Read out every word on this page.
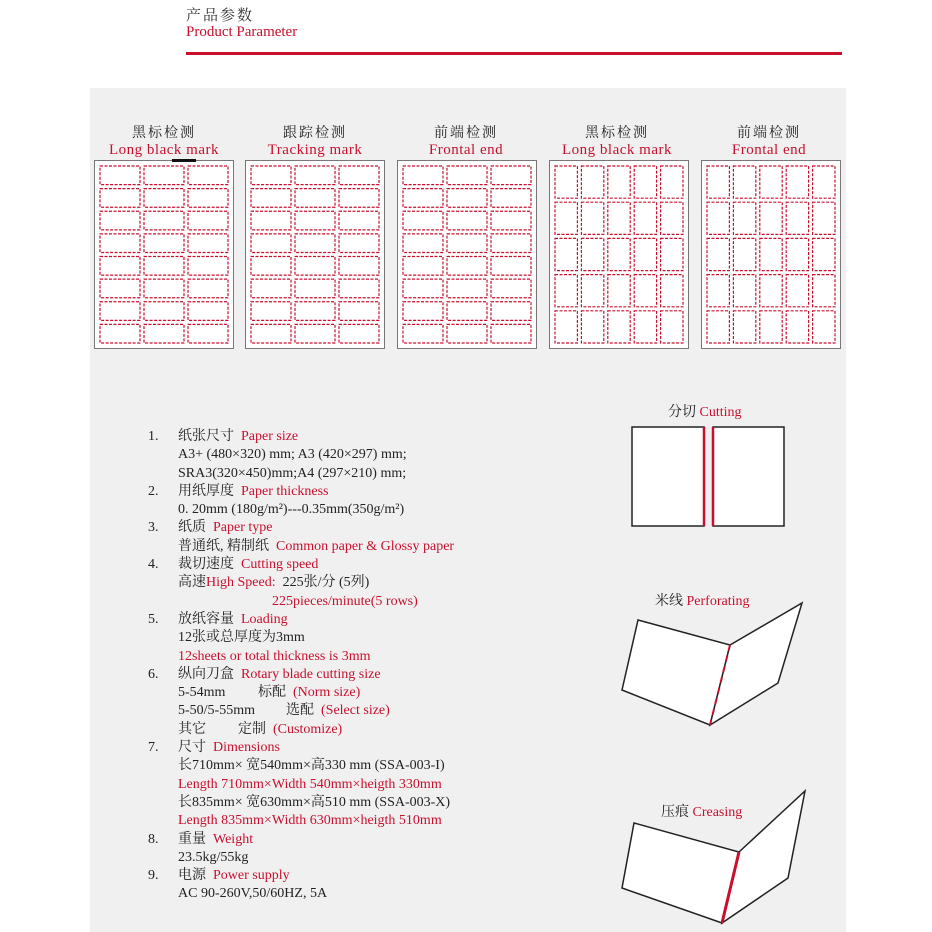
产品参数
Product Parameter
黑标检测
Long black mark
跟踪检测
Tracking mark
前端检测
Frontal end
黑标检测
Long black mark
前端检测
Frontal end
1. 纸张尺寸 Paper size
A3+ (480×320) mm; A3 (420×297) mm;
SRA3(320×450)mm;A4 (297×210) mm;
2. 用纸厚度 Paper thickness
0. 20mm (180g/m²)---0.35mm(350g/m²)
3. 纸质 Paper type
普通纸, 精制纸 Common paper & Glossy paper
4. 裁切速度 Cutting speed
高速High Speed: 225张/分 (5列)
225pieces/minute(5 rows)
5. 放纸容量 Loading
12张或总厚度为3mm
12sheets or total thickness is 3mm
6. 纵向刀盒 Rotary blade cutting size
5-54mm 标配 (Norm size)
5-50/5-55mm 选配 (Select size)
其它 定制 (Customize)
7. 尺寸 Dimensions
长710mm× 宽540mm×高330 mm (SSA-003-I)
Length 710mm×Width 540mm×heigth 330mm
长835mm× 宽630mm×高510 mm (SSA-003-X)
Length 835mm×Width 630mm×heigth 510mm
8. 重量 Weight
23.5kg/55kg
9. 电源 Power supply
AC 90-260V,50/60HZ, 5A
分切 Cutting
米线 Perforating
压痕 Creasing
